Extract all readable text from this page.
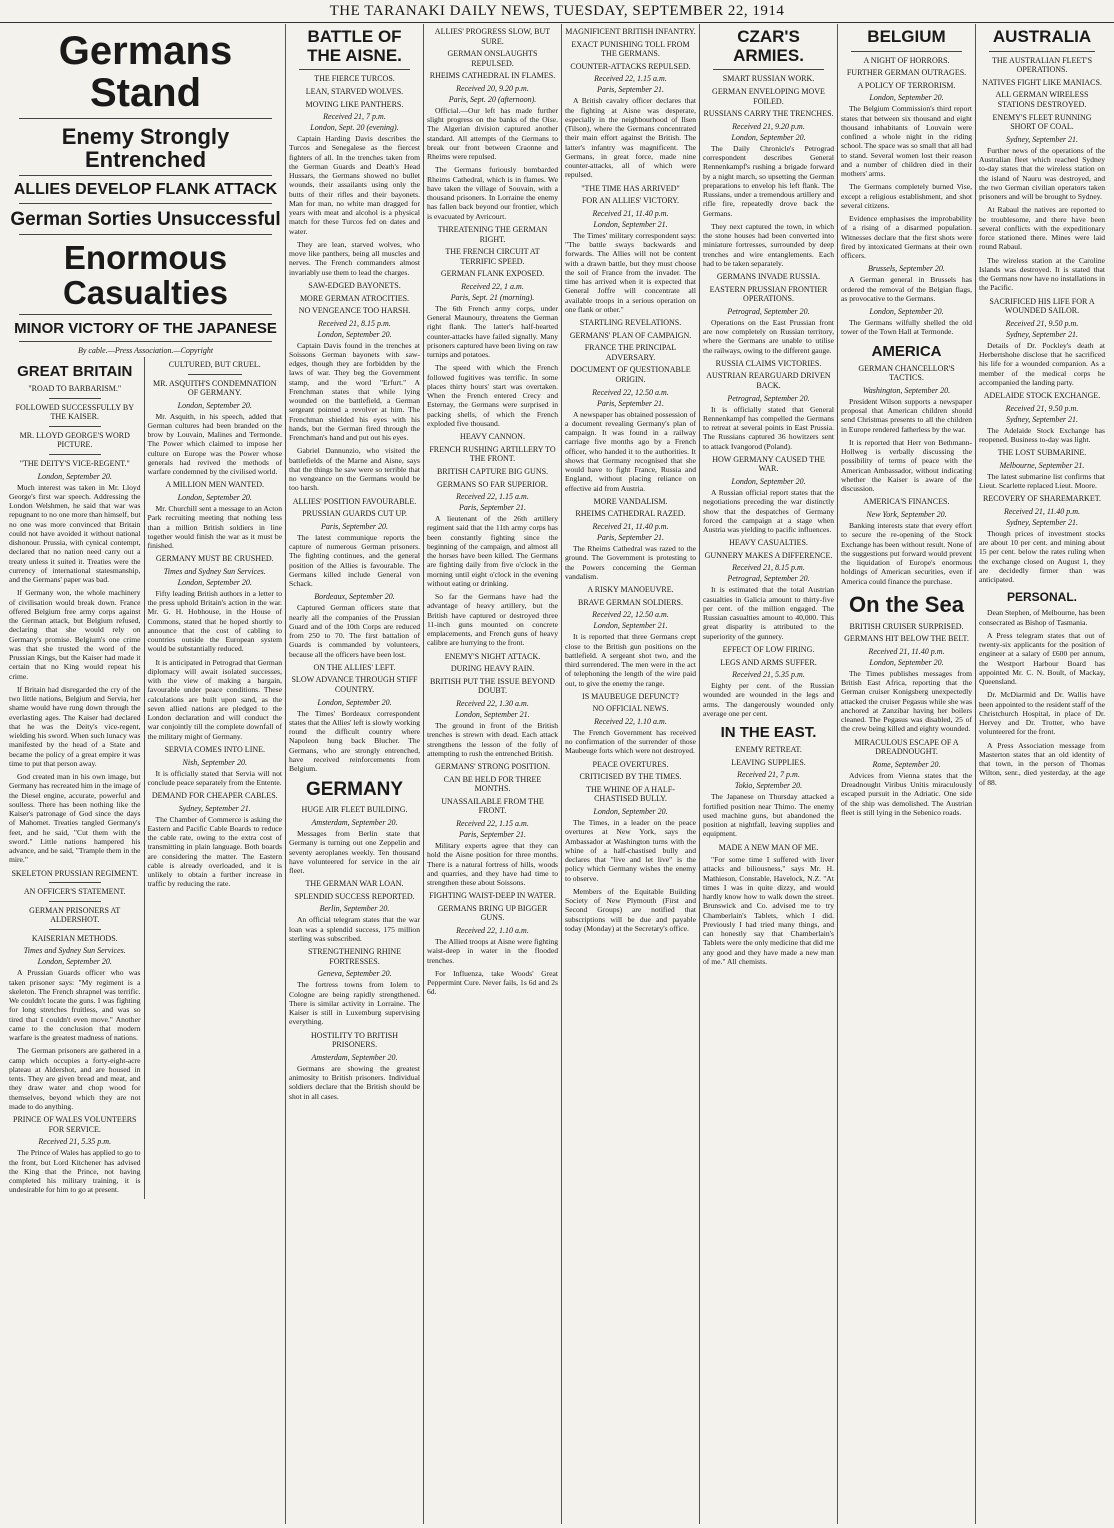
THE TARANAKI DAILY NEWS, TUESDAY, SEPTEMBER 22, 1914
Germans Stand
Enemy Strongly Entrenched
ALLIES DEVELOP FLANK ATTACK
German Sorties Unsuccessful
Enormous Casualties
MINOR VICTORY OF THE JAPANESE
By cable.—Press Association.—Copyright
GREAT BRITAIN
"ROAD TO BARBARISM."
FOLLOWED SUCCESSFULLY BY THE KAISER.
MR. LLOYD GEORGE'S WORD PICTURE.
"THE DEITY'S VICE-REGENT."
London, September 20.

Much interest was taken in Mr. Lloyd George's first war speech. Addressing the London Welshmen, he said that war was repugnant to no one more than himself, but no one was more convinced that Britain could not have avoided it without national dishonour. Prussia, with cynical contempt, declared that no nation need carry out a treaty unless it suited it. Treaties were the currency of international statesmanship, and the Germans' paper was bad.

If Germany won, the whole machinery of civilisation would break down. France offered Belgium free army corps against the German attack, but Belgium refused, declaring that she would rely on Germany's promise. Belgium's one crime was that she trusted the word of the Prussian Kings, but the Kaiser had made it certain that no King would repeat his crime.

If Britain had disregarded the cry of the two little nations, Belgium and Servia, her shame would have rung down through the everlasting ages. The Kaiser had declared that he was the Deity's vice-regent, wielding his sword. When such lunacy was manifested by the head of a State and became the policy of a great empire it was time to put that person away.

God created man in his own image, but Germany has recreated him in the image of the Diesel engine, accurate, powerful and soulless. There has been nothing like the Kaiser's patronage of God since the days of Mahomet. Treaties tangled Germany's feet, and he said, "Cut them with the sword." Little nations hampered his advance, and he said, "Trample them in the mire."

SKELETON PRUSSIAN REGIMENT.
AN OFFICER'S STATEMENT.
GERMAN PRISONERS AT ALDERSHOT.
KAISERIAN METHODS.
Times and Sydney Sun Services.
London, September 20.

A Prussian Guards officer who was taken prisoner says: "My regiment is a skeleton. The French shrapnel was terrific. We couldn't locate the guns. I was fighting for long stretches fruitless, and was so tired that I couldn't even move." Another came to the conclusion that modern warfare is the greatest madness of nations.

The German prisoners are gathered in a camp which occupies a forty-eight-acre plateau at Aldershot, and are housed in tents. They are given bread and meat, and they draw water and chop wood for themselves, beyond which they are not made to do anything.

PRINCE OF WALES VOLUNTEERS FOR SERVICE.
Received 21, 5.35 p.m.

The Prince of Wales has applied to go to the front, but Lord Kitchener has advised the King that the Prince, not having completed his military training, it is undesirable for him to go at present.

CULTURED, BUT CRUEL.
MR. ASQUITH'S CONDEMNATION OF GERMANY.
London, September 20.

Mr. Asquith, in his speech, added that German cultures had been branded on the brow by Louvain, Malines and Termonde. The Power which claimed to impose her culture on Europe was the Power whose generals had revived the methods of warfare condemned by the civilised world.

A MILLION MEN WANTED.
London, September 20.

Mr. Churchill sent a message to an Acton Park recruiting meeting that nothing less than a million British soldiers in line together would finish the war as it must be finished.

GERMANY MUST BE CRUSHED.
Times and Sydney Sun Services.
London, September 20.

Fifty leading British authors in a letter to the press uphold Britain's action in the war. Mr. G. H. Hobhouse, in the House of Commons, stated that he hoped shortly to announce that the cost of cabling to countries outside the European system would be substantially reduced.

It is anticipated in Petrograd that German diplomacy will await isolated successes, with the view of making a bargain, favourable under peace conditions. These calculations are built upon sand, as the seven allied nations are pledged to the London declaration and will conduct the war conjointly till the complete downfall of the military might of Germany.

SERVIA COMES INTO LINE.
Nish, September 20.

It is officially stated that Servia will not conclude peace separately from the Entente.

DEMAND FOR CHEAPER CABLES.
Sydney, September 21.

The Chamber of Commerce is asking the Eastern and Pacific Cable Boards to reduce the cable rate, owing to the extra cost of transmitting in plain language. Both boards are considering the matter. The Eastern cable is already overloaded, and it is unlikely to obtain a further increase in traffic by reducing the rate.

BATTLE OF THE AISNE.
THE FIERCE TURCOS.
LEAN, STARVED WOLVES.
MOVING LIKE PANTHERS.
Received 21, 7 p.m.
London, Sept. 20 (evening).

Captain Harding Davis describes the Turcos and Senegalese as the fiercest fighters of all. In the trenches taken from the German Guards and Death's Head Hussars, the Germans showed no bullet wounds, their assailants using only the butts of their rifles and their bayonets. Man for man, no white man dragged for years with meat and alcohol is a physical match for these Turcos fed on dates and water.

They are lean, starved wolves, who move like panthers, being all muscles and nerves. The French commanders almost invariably use them to lead the charges.

SAW-EDGED BAYONETS.
MORE GERMAN ATROCITIES.
NO VENGEANCE TOO HARSH.
Received 21, 8.15 p.m.
London, September 20.

Captain Davis found in the trenches at Soissons German bayonets with saw-edges, though they are forbidden by the laws of war. They beg the Government stamp, and the word "Erfurt." A Frenchman states that while lying wounded on the battlefield, a German sergeant pointed a revolver at him. The Frenchman shielded his eyes with his hands, but the German fired through the Frenchman's hand and put out his eyes.

Gabriel Dannunzio, who visited the battlefields of the Marne and Aisne, says that the things he saw were so terrible that no vengeance on the Germans would be too harsh.

ALLIES' POSITION FAVOURABLE.
PRUSSIAN GUARDS CUT UP.
Paris, September 20.

The latest communique reports the capture of numerous German prisoners. The fighting continues, and the general position of the Allies is favourable. The Germans killed include General von Schack.

Bordeaux, September 20.

Captured German officers state that nearly all the companies of the Prussian Guard and of the 10th Corps are reduced from 250 to 70. The first battalion of Guards is commanded by volunteers, because all the officers have been lost.

ON THE ALLIES' LEFT.
SLOW ADVANCE THROUGH STIFF COUNTRY.
London, September 20.

The Times' Bordeaux correspondent states that the Allies' left is slowly working round the difficult country where Napoleon hung back Blucher. The Germans, who are strongly entrenched, have received reinforcements from Belgium.

GERMANY
HUGE AIR FLEET BUILDING.
Amsterdam, September 20.

Messages from Berlin state that Germany is turning out one Zeppelin and seventy aeroplanes weekly. Ten thousand have volunteered for service in the air fleet.

THE GERMAN WAR LOAN.
SPLENDID SUCCESS REPORTED.
Berlin, September 20.

An official telegram states that the war loan was a splendid success, 175 million sterling was subscribed.

STRENGTHENING RHINE FORTRESSES.
Geneva, September 20.

The fortress towns from Iolem to Cologne are being rapidly strengthened. There is similar activity in Lorraine. The Kaiser is still in Luxemburg supervising everything.

HOSTILITY TO BRITISH PRISONERS.
Amsterdam, September 20.

Germans are showing the greatest animosity to British prisoners. Individual soldiers declare that the British should be shot in all cases.

ALLIES' PROGRESS SLOW, BUT SURE.
GERMAN ONSLAUGHTS REPULSED.
RHEIMS CATHEDRAL IN FLAMES.
Received 20, 9.20 p.m.
Paris, Sept. 20 (afternoon).

Official.—Our left has made further slight progress on the banks of the Oise. The Algerian division captured another standard. All attempts of the Germans to break our front between Craonne and Rheims were repulsed.

The Germans furiously bombarded Rheims Cathedral, which is in flames. We have taken the village of Souvain, with a thousand prisoners. In Lorraine the enemy has fallen back beyond our frontier, which is evacuated by Avricourt.

THREATENING THE GERMAN RIGHT.
THE FRENCH CIRCUIT AT TERRIFIC SPEED.
GERMAN FLANK EXPOSED.
Received 22, 1 a.m.
Paris, Sept. 21 (morning).

The 6th French army corps, under General Maunoury, threatens the German right flank. The latter's half-hearted counter-attacks have failed signally. Many prisoners captured have been living on raw turnips and potatoes.

The speed with which the French followed fugitives was terrific. In some places thirty hours' start was overtaken. When the French entered Crecy and Esternay, the Germans were surprised in packing shells, of which the French exploded five thousand.

HEAVY CANNON.
FRENCH RUSHING ARTILLERY TO THE FRONT.
BRITISH CAPTURE BIG GUNS.
GERMANS SO FAR SUPERIOR.
Received 22, 1.15 a.m.
Paris, September 21.

A lieutenant of the 26th artillery regiment said that the 11th army corps has been constantly fighting since the beginning of the campaign, and almost all the horses have been killed. The Germans are fighting daily from five o'clock in the morning until eight o'clock in the evening without eating or drinking.

So far the Germans have had the advantage of heavy artillery, but the British have captured or destroyed three 11-inch guns mounted on concrete emplacements, and French guns of heavy calibre are hurrying to the front.

ENEMY'S NIGHT ATTACK.
DURING HEAVY RAIN.
BRITISH PUT THE ISSUE BEYOND DOUBT.
Received 22, 1.30 a.m.
London, September 21.

The ground in front of the British trenches is strewn with dead. Each attack strengthens the lesson of the folly of attempting to rush the entrenched British.

GERMANS' STRONG POSITION.
CAN BE HELD FOR THREE MONTHS.
UNASSAILABLE FROM THE FRONT.
Received 22, 1.15 a.m.
Paris, September 21.

Military experts agree that they can hold the Aisne position for three months. There is a natural fortress of hills, woods and quarries, and they have had time to strengthen these about Soissons.

FIGHTING WAIST-DEEP IN WATER.
GERMANS BRING UP BIGGER GUNS.
Received 22, 1.10 a.m.

The Allied troops at Aisne were fighting waist-deep in water in the flooded trenches.

For Influenza, take Woods' Great Peppermint Cure. Never fails, 1s 6d and 2s 6d.

MAGNIFICENT BRITISH INFANTRY.
EXACT PUNISHING TOLL FROM THE GERMANS.
COUNTER-ATTACKS REPULSED.
Received 22, 1.15 a.m.
Paris, September 21.

A British cavalry officer declares that the fighting at Aisne was desperate, especially in the neighbourhood of Ilsen (Tilson), where the Germans concentrated their main effort against the British. The latter's infantry was magnificent. The Germans, in great force, made nine counter-attacks, all of which were repulsed.

"THE TIME HAS ARRIVED"
FOR AN ALLIES' VICTORY.
Received 21, 11.40 p.m.
London, September 21.

The Times' military correspondent says: "The battle sways backwards and forwards. The Allies will not be content with a drawn battle, but they must choose the soil of France from the invader. The time has arrived when it is expected that General Joffre will concentrate all available troops in a serious operation on one flank or other."

STARTLING REVELATIONS.
GERMANS' PLAN OF CAMPAIGN.
FRANCE THE PRINCIPAL ADVERSARY.
DOCUMENT OF QUESTIONABLE ORIGIN.
Received 22, 12.50 a.m.
Paris, September 21.

A newspaper has obtained possession of a document revealing Germany's plan of campaign. It was found in a railway carriage five months ago by a French officer, who handed it to the authorities. It shows that Germany recognised that she would have to fight France, Russia and England, without placing reliance on effective aid from Austria.

MORE VANDALISM.
RHEIMS CATHEDRAL RAZED.
Received 21, 11.40 p.m.
Paris, September 21.

The Rheims Cathedral was razed to the ground. The Government is protesting to the Powers concerning the German vandalism.

A RISKY MANOEUVRE.
BRAVE GERMAN SOLDIERS.
Received 22, 12.50 a.m.
London, September 21.

It is reported that three Germans crept close to the British gun positions on the battlefield. A sergeant shot two, and the third surrendered. The men were in the act of telephoning the length of the wire paid out, to give the enemy the range.

IS MAUBEUGE DEFUNCT?
NO OFFICIAL NEWS.
Received 22, 1.10 a.m.

The French Government has received no confirmation of the surrender of those Maubeuge forts which were not destroyed.

PEACE OVERTURES.
CRITICISED BY THE TIMES.
THE WHINE OF A HALF-CHASTISED BULLY.
London, September 20.

The Times, in a leader on the peace overtures at New York, says the Ambassador at Washington turns with the whine of a half-chastised bully and declares that "live and let live" is the policy which Germany wishes the enemy to observe.

Members of the Equitable Building Society of New Plymouth (First and Second Groups) are notified that subscriptions will be due and payable today (Monday) at the Secretary's office.

CZAR'S ARMIES.
SMART RUSSIAN WORK.
GERMAN ENVELOPING MOVE FOILED.
RUSSIANS CARRY THE TRENCHES.
Received 21, 9.20 p.m.
London, September 20.

The Daily Chronicle's Petrograd correspondent describes General Rennenkampf's rushing a brigade forward by a night march, so upsetting the German preparations to envelop his left flank. The Russians, under a tremendous artillery and rifle fire, repeatedly drove back the Germans.

They next captured the town, in which the stone houses had been converted into miniature fortresses, surrounded by deep trenches and wire entanglements. Each had to be taken separately.

GERMANS INVADE RUSSIA.
EASTERN PRUSSIAN FRONTIER OPERATIONS.
Petrograd, September 20.

Operations on the East Prussian front are now completely on Russian territory, where the Germans are unable to utilise the railways, owing to the different gauge.

RUSSIA CLAIMS VICTORIES.
AUSTRIAN REARGUARD DRIVEN BACK.
Petrograd, September 20.

It is officially stated that General Rennenkampf has compelled the Germans to retreat at several points in East Prussia. The Russians captured 36 howitzers sent to attack Ivangorod (Poland).

HOW GERMANY CAUSED THE WAR.
London, September 20.

A Russian official report states that the negotiations preceding the war distinctly show that the despatches of Germany forced the campaign at a stage when Austria was yielding to pacific influences.

HEAVY CASUALTIES.
GUNNERY MAKES A DIFFERENCE.
Received 21, 8.15 p.m.
Petrograd, September 20.

It is estimated that the total Austrian casualties in Galicia amount to thirty-five per cent. of the million engaged. The Russian casualties amount to 40,000. This great disparity is attributed to the superiority of the gunnery.

EFFECT OF LOW FIRING.
LEGS AND ARMS SUFFER.
Received 21, 5.35 p.m.

Eighty per cent. of the Russian wounded are wounded in the legs and arms. The dangerously wounded only average one per cent.

IN THE EAST.
ENEMY RETREAT.
LEAVING SUPPLIES.
Received 21, 7 p.m.
Tokio, September 20.

The Japanese on Thursday attacked a fortified position near Thimo. The enemy used machine guns, but abandoned the position at nightfall, leaving supplies and equipment.

MADE A NEW MAN OF ME.

"For some time I suffered with liver attacks and biliousness," says Mr. H. Mathieson, Constable, Havelock, N.Z. "At times I was in quite dizzy, and would hardly know how to walk down the street. Brunswick and Co. advised me to try Chamberlain's Tablets, which I did. Previously I had tried many things, and can honestly say that Chamberlain's Tablets were the only medicine that did me any good and they have made a new man of me." All chemists.

BELGIUM
A NIGHT OF HORRORS.
FURTHER GERMAN OUTRAGES.
A POLICY OF TERRORISM.
London, September 20.

The Belgium Commission's third report states that between six thousand and eight thousand inhabitants of Louvain were confined a whole night in the riding school. The space was so small that all had to stand. Several women lost their reason and a number of children died in their mothers' arms.

The Germans completely burned Vise, except a religious establishment, and shot several citizens.

Evidence emphasises the improbability of a rising of a disarmed population. Witnesses declare that the first shots were fired by intoxicated Germans at their own officers.

Brussels, September 20.

A German general in Brussels has ordered the removal of the Belgian flags, as provocative to the Germans.

London, September 20.

The Germans wilfully shelled the old tower of the Town Hall at Termonde.

AMERICA
GERMAN CHANCELLOR'S TACTICS.
Washington, September 20.

President Wilson supports a newspaper proposal that American children should send Christmas presents to all the children in Europe rendered fatherless by the war.

It is reported that Herr von Bethmann-Hollweg is verbally discussing the possibility of terms of peace with the American Ambassador, without indicating whether the Kaiser is aware of the discussion.

AMERICA'S FINANCES.
New York, September 20.

Banking interests state that every effort to secure the re-opening of the Stock Exchange has been without result. None of the suggestions put forward would prevent the liquidation of Europe's enormous holdings of American securities, even if America could finance the purchase.

On the Sea
BRITISH CRUISER SURPRISED.
GERMANS HIT BELOW THE BELT.
Received 21, 11.40 p.m.
London, September 20.

The Times publishes messages from British East Africa, reporting that the German cruiser Konigsberg unexpectedly attacked the cruiser Pegasus while she was anchored at Zanzibar having her boilers cleaned. The Pegasus was disabled, 25 of the crew being killed and eighty wounded.

MIRACULOUS ESCAPE OF A DREADNOUGHT.
Rome, September 20.

Advices from Vienna states that the Dreadnought Viribus Unitis miraculously escaped pursuit in the Adriatic. One side of the ship was demolished. The Austrian fleet is still lying in the Sebenico roads.

AUSTRALIA
THE AUSTRALIAN FLEET'S OPERATIONS.
NATIVES FIGHT LIKE MANIACS.
ALL GERMAN WIRELESS STATIONS DESTROYED.
ENEMY'S FLEET RUNNING SHORT OF COAL.
Sydney, September 21.

Further news of the operations of the Australian fleet which reached Sydney to-day states that the wireless station on the island of Nauru was destroyed, and the two German civilian operators taken prisoners and will be brought to Sydney.

At Rabaul the natives are reported to be troublesome, and there have been several conflicts with the expeditionary force stationed there. Mines were laid round Rabaul.

The wireless station at the Caroline Islands was destroyed. It is stated that the Germans now have no installations in the Pacific.

SACRIFICED HIS LIFE FOR A WOUNDED SAILOR.
Received 21, 9.50 p.m.
Sydney, September 21.

Details of Dr. Pockley's death at Herbertshohe disclose that he sacrificed his life for a wounded companion. As a member of the medical corps he accompanied the landing party.

ADELAIDE STOCK EXCHANGE.
Received 21, 9.50 p.m.
Sydney, September 21.

The Adelaide Stock Exchange has reopened. Business to-day was light.

THE LOST SUBMARINE.
Melbourne, September 21.

The latest submarine list confirms that Lieut. Scarlette replaced Lieut. Moore.

RECOVERY OF SHAREMARKET.
Received 21, 11.40 p.m.
Sydney, September 21.

Though prices of investment stocks are about 10 per cent. and mining about 15 per cent. below the rates ruling when the exchange closed on August 1, they are decidedly firmer than was anticipated.

PERSONAL.

Dean Stephen, of Melbourne, has been consecrated as Bishop of Tasmania.

A Press telegram states that out of twenty-six applicants for the position of engineer at a salary of £600 per annum, the Westport Harbour Board has appointed Mr. C. N. Boult, of Mackay, Queensland.

Dr. McDiarmid and Dr. Wallis have been appointed to the resident staff of the Christchurch Hospital, in place of Dr. Hervey and Dr. Trotter, who have volunteered for the front.

A Press Association message from Masterton states that an old identity of that town, in the person of Thomas Wilton, senr., died yesterday, at the age of 88.
